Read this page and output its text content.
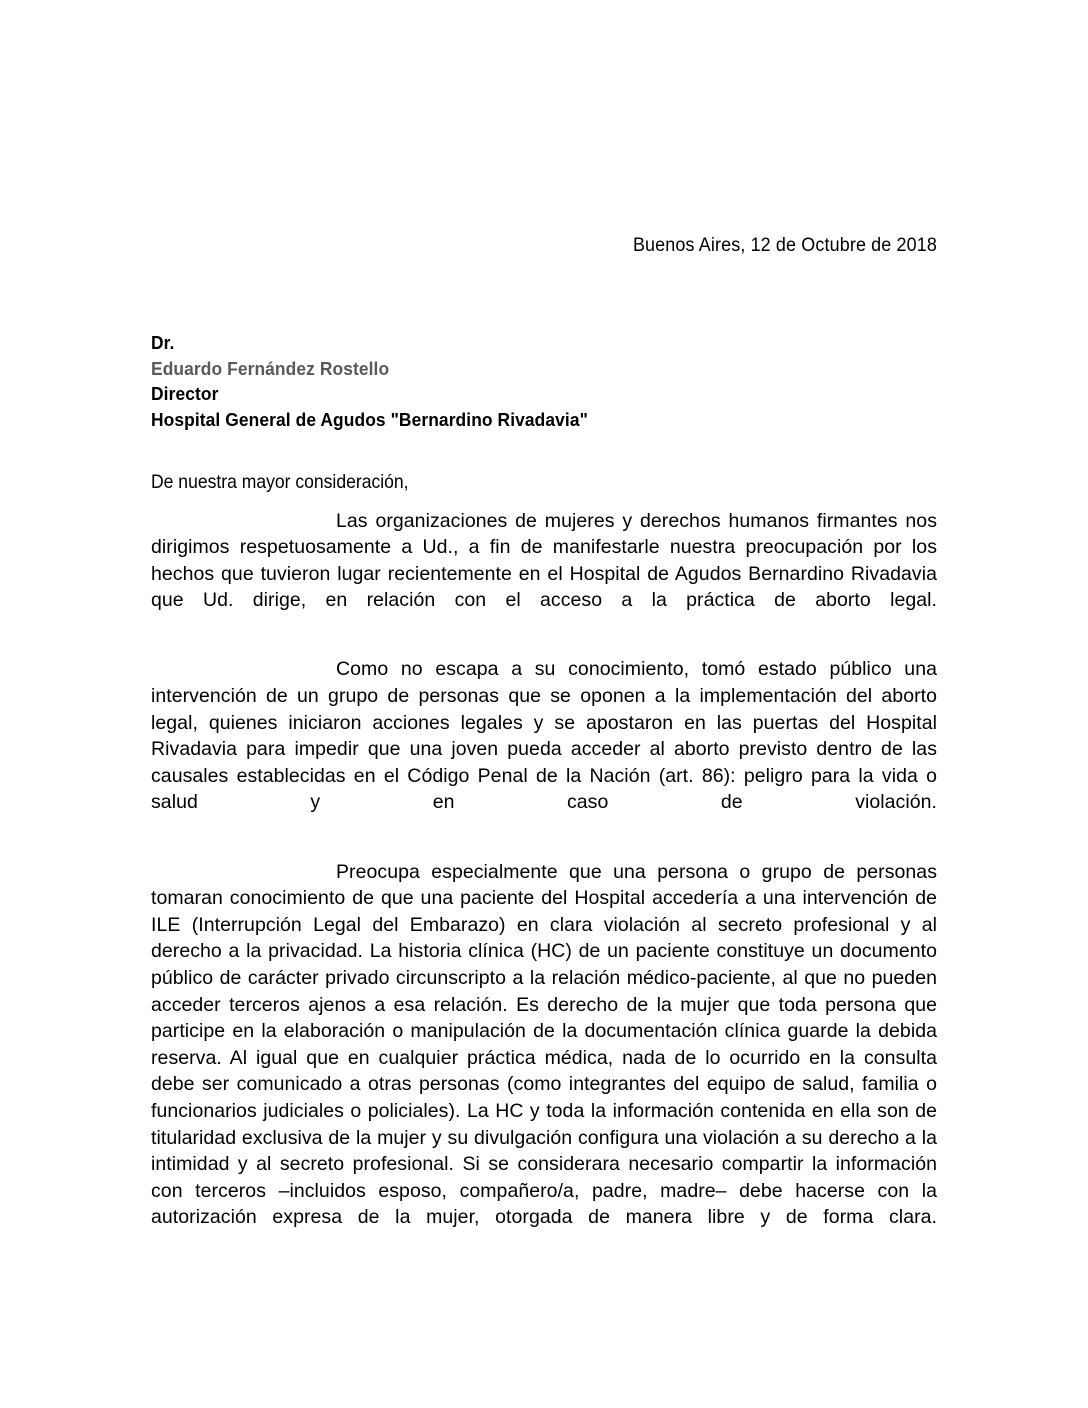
Buenos Aires, 12 de Octubre de 2018
Dr.
Eduardo Fernández Rostello
Director
Hospital General de Agudos "Bernardino Rivadavia"
De nuestra mayor consideración,

Las organizaciones de mujeres y derechos humanos firmantes nos dirigimos respetuosamente a Ud., a fin de manifestarle nuestra preocupación por los hechos que tuvieron lugar recientemente en el Hospital de Agudos Bernardino Rivadavia que Ud. dirige, en relación con el acceso a la práctica de aborto legal.

Como no escapa a su conocimiento, tomó estado público una intervención de un grupo de personas que se oponen a la implementación del aborto legal, quienes iniciaron acciones legales y se apostaron en las puertas del Hospital Rivadavia para impedir que una joven pueda acceder al aborto previsto dentro de las causales establecidas en el Código Penal de la Nación (art. 86): peligro para la vida o salud y en caso de violación.

Preocupa especialmente que una persona o grupo de personas tomaran conocimiento de que una paciente del Hospital accedería a una intervención de ILE (Interrupción Legal del Embarazo) en clara violación al secreto profesional y al derecho a la privacidad. La historia clínica (HC) de un paciente constituye un documento público de carácter privado circunscripto a la relación médico-paciente, al que no pueden acceder terceros ajenos a esa relación. Es derecho de la mujer que toda persona que participe en la elaboración o manipulación de la documentación clínica guarde la debida reserva. Al igual que en cualquier práctica médica, nada de lo ocurrido en la consulta debe ser comunicado a otras personas (como integrantes del equipo de salud, familia o funcionarios judiciales o policiales). La HC y toda la información contenida en ella son de titularidad exclusiva de la mujer y su divulgación configura una violación a su derecho a la intimidad y al secreto profesional. Si se considerara necesario compartir la información con terceros –incluidos esposo, compañero/a, padre, madre– debe hacerse con la autorización expresa de la mujer, otorgada de manera libre y de forma clara.
